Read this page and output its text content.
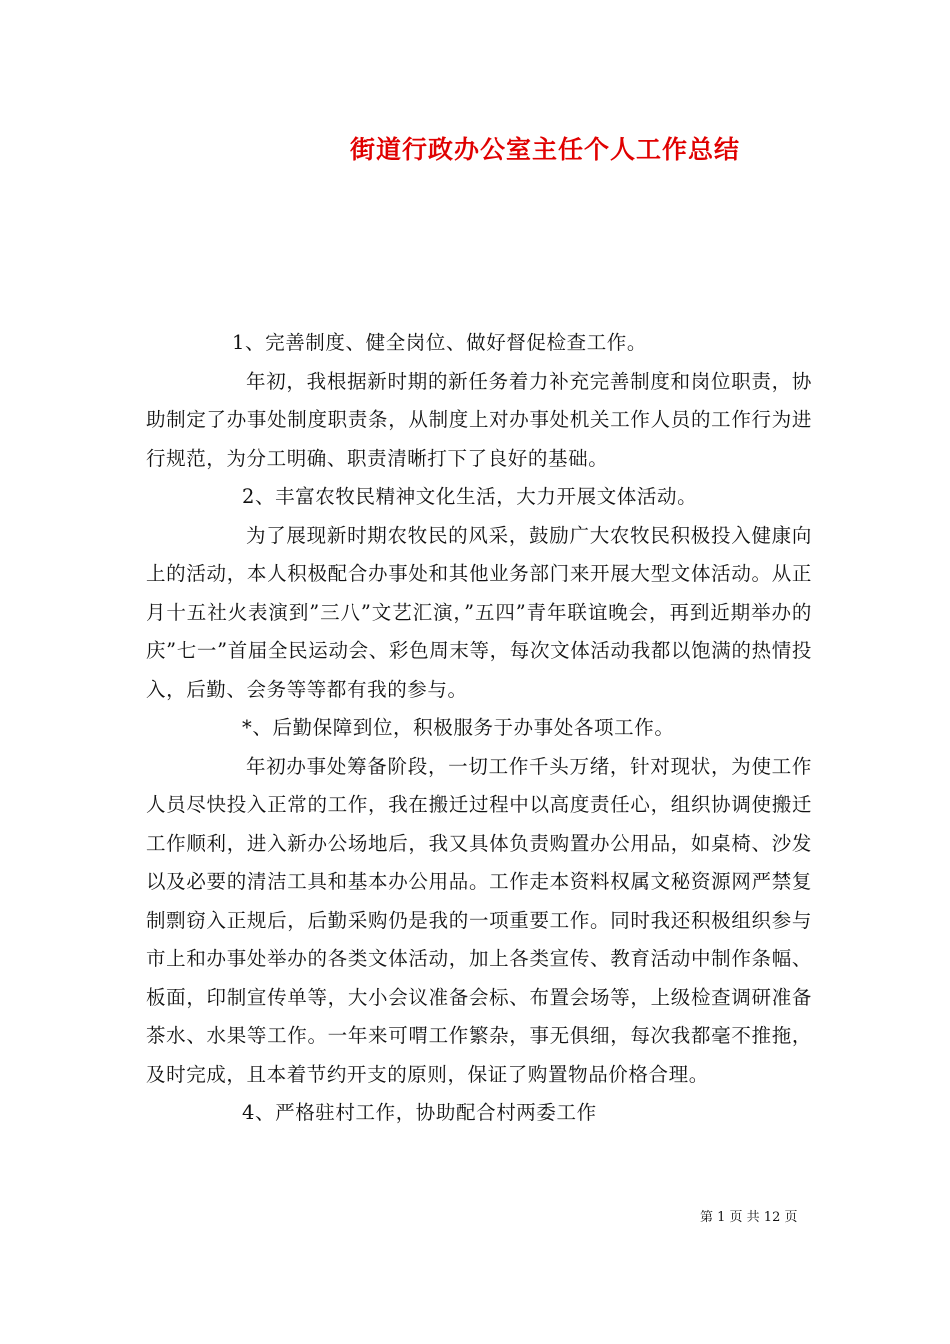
街道行政办公室主任个人工作总结

1、完善制度、健全岗位、做好督促检查工作。

年初，我根据新时期的新任务着力补充完善制度和岗位职责，协助制定了办事处制度职责条，从制度上对办事处机关工作人员的工作行为进行规范，为分工明确、职责清晰打下了良好的基础。

2、丰富农牧民精神文化生活，大力开展文体活动。

为了展现新时期农牧民的风采，鼓励广大农牧民积极投入健康向上的活动，本人积极配合办事处和其他业务部门来开展大型文体活动。从正月十五社火表演到”三八”文艺汇演，”五四”青年联谊晚会，再到近期举办的庆”七一”首届全民运动会、彩色周末等，每次文体活动我都以饱满的热情投入，后勤、会务等等都有我的参与。

*、后勤保障到位，积极服务于办事处各项工作。

年初办事处筹备阶段，一切工作千头万绪，针对现状，为使工作人员尽快投入正常的工作，我在搬迁过程中以高度责任心，组织协调使搬迁工作顺利，进入新办公场地后，我又具体负责购置办公用品，如桌椅、沙发以及必要的清洁工具和基本办公用品。工作走本资料权属文秘资源网严禁复制剽窃入正规后，后勤采购仍是我的一项重要工作。同时我还积极组织参与市上和办事处举办的各类文体活动，加上各类宣传、教育活动中制作条幅、板面，印制宣传单等，大小会议准备会标、布置会场等，上级检查调研准备茶水、水果等工作。一年来可喟工作繁杂，事无俱细，每次我都毫不推拖，及时完成，且本着节约开支的原则，保证了购置物品价格合理。

4、严格驻村工作，协助配合村两委工作

第 1 页 共 12 页
